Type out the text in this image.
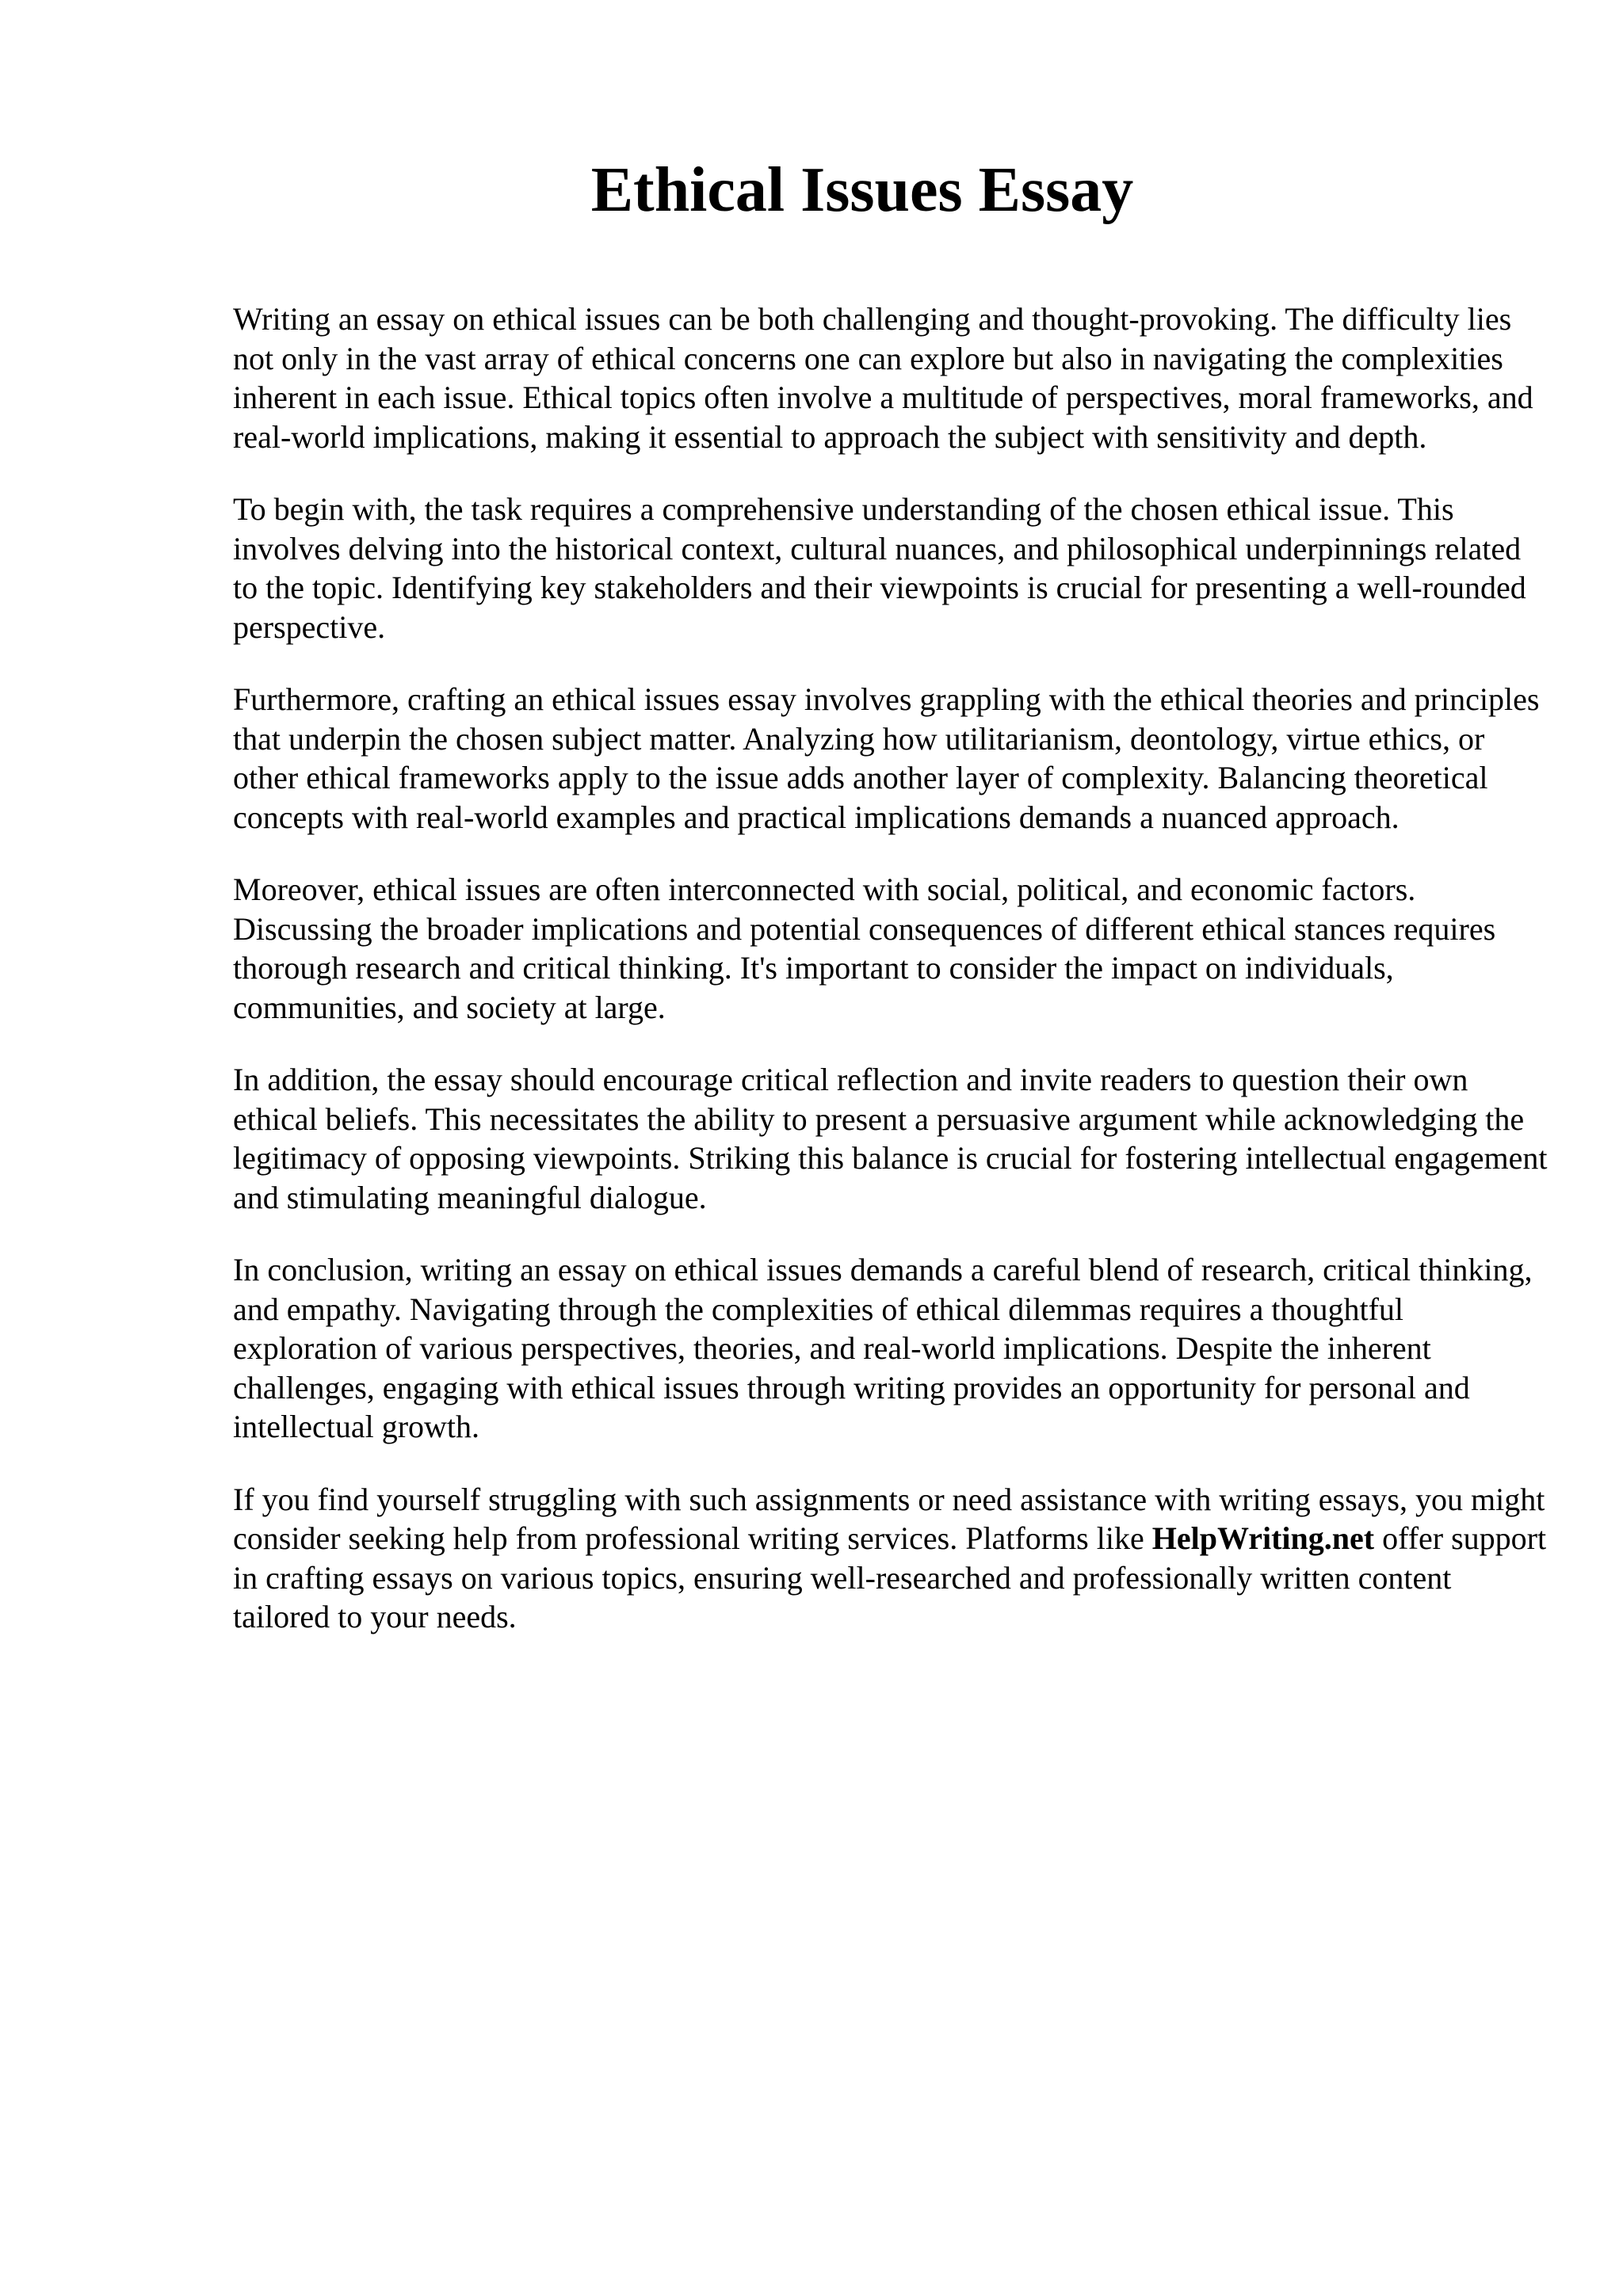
Ethical Issues Essay

Writing an essay on ethical issues can be both challenging and thought-provoking. The difficulty lies not only in the vast array of ethical concerns one can explore but also in navigating the complexities inherent in each issue. Ethical topics often involve a multitude of perspectives, moral frameworks, and real-world implications, making it essential to approach the subject with sensitivity and depth.

To begin with, the task requires a comprehensive understanding of the chosen ethical issue. This involves delving into the historical context, cultural nuances, and philosophical underpinnings related to the topic. Identifying key stakeholders and their viewpoints is crucial for presenting a well-rounded perspective.

Furthermore, crafting an ethical issues essay involves grappling with the ethical theories and principles that underpin the chosen subject matter. Analyzing how utilitarianism, deontology, virtue ethics, or other ethical frameworks apply to the issue adds another layer of complexity. Balancing theoretical concepts with real-world examples and practical implications demands a nuanced approach.

Moreover, ethical issues are often interconnected with social, political, and economic factors. Discussing the broader implications and potential consequences of different ethical stances requires thorough research and critical thinking. It's important to consider the impact on individuals, communities, and society at large.

In addition, the essay should encourage critical reflection and invite readers to question their own ethical beliefs. This necessitates the ability to present a persuasive argument while acknowledging the legitimacy of opposing viewpoints. Striking this balance is crucial for fostering intellectual engagement and stimulating meaningful dialogue.

In conclusion, writing an essay on ethical issues demands a careful blend of research, critical thinking, and empathy. Navigating through the complexities of ethical dilemmas requires a thoughtful exploration of various perspectives, theories, and real-world implications. Despite the inherent challenges, engaging with ethical issues through writing provides an opportunity for personal and intellectual growth.

If you find yourself struggling with such assignments or need assistance with writing essays, you might consider seeking help from professional writing services. Platforms like HelpWriting.net offer support in crafting essays on various topics, ensuring well-researched and professionally written content tailored to your needs.
